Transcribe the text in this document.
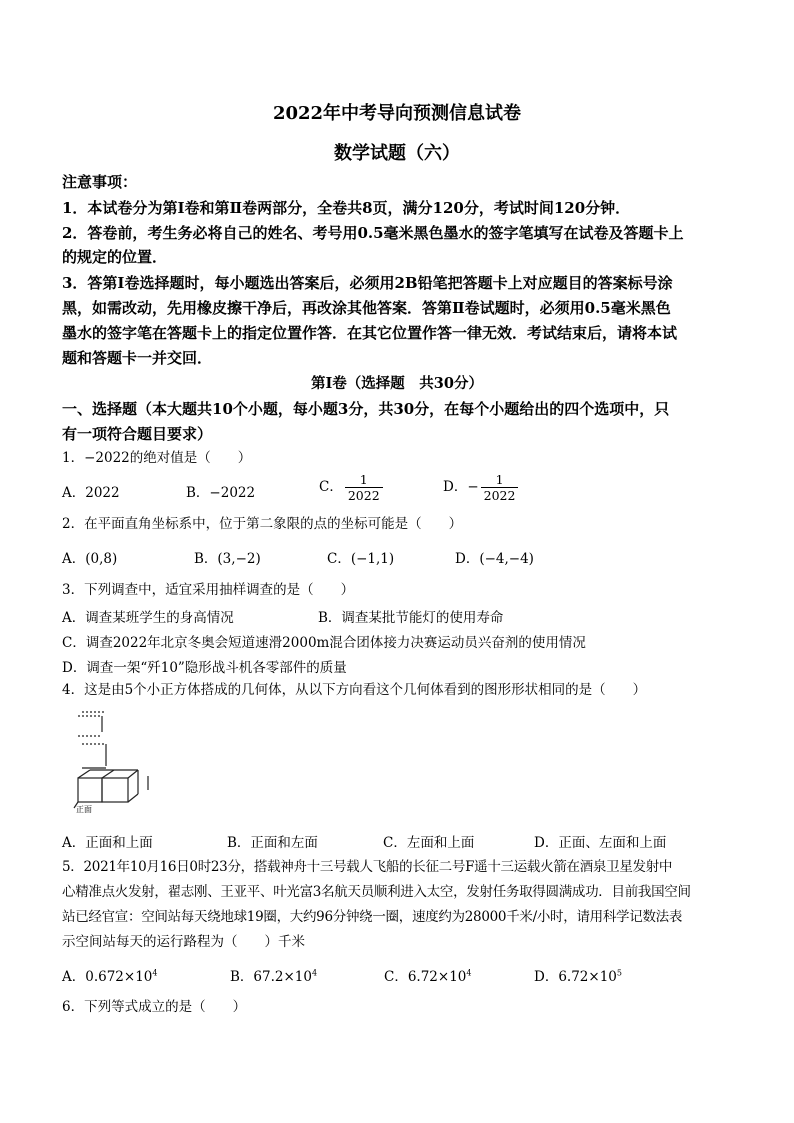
2022年中考导向预测信息试卷
数学试题（六）
注意事项：
1．本试卷分为第Ⅰ卷和第Ⅱ卷两部分，全卷共8页，满分120分，考试时间120分钟．
2．答卷前，考生务必将自己的姓名、考号用0.5毫米黑色墨水的签字笔填写在试卷及答题卡上
的规定的位置．
3．答第Ⅰ卷选择题时，每小题选出答案后，必须用2B铅笔把答题卡上对应题目的答案标号涂
黑，如需改动，先用橡皮擦干净后，再改涂其他答案．答第Ⅱ卷试题时，必须用0.5毫米黑色
墨水的签字笔在答题卡上的指定位置作答．在其它位置作答一律无效．考试结束后，请将本试
题和答题卡一并交回．
第Ⅰ卷（选择题　共30分）
一、选择题（本大题共10个小题，每小题3分，共30分，在每个小题给出的四个选项中，只
有一项符合题目要求）
1．−2022的绝对值是（　　）
A．2022	B．−2022	C． $\frac{1}{2022}$	D．− $\frac{1}{2022}$
2．在平面直角坐标系中，位于第二象限的点的坐标可能是（　　）
A．(0,8)	B．(3,−2)	C．(−1,1)	D．(−4,−4)
3．下列调查中，适宜采用抽样调查的是（　　）
A．调查某班学生的身高情况	B．调查某批节能灯的使用寿命
C．调查2022年北京冬奥会短道速滑2000m混合团体接力决赛运动员兴奋剂的使用情况
D．调查一架“歼10”隐形战斗机各零部件的质量
4．这是由5个小正方体搭成的几何体，从以下方向看这个几何体看到的图形形状相同的是（　　）
正面
A．正面和上面	B．正面和左面	C．左面和上面	D．正面、左面和上面
5．2021年10月16日0时23分，搭载神舟十三号载人飞船的长征二号F遥十三运载火箭在酒泉卫星发射中
心精准点火发射，翟志刚、王亚平、叶光富3名航天员顺利进入太空，发射任务取得圆满成功．目前我国空间
站已经官宣：空间站每天绕地球19圈，大约96分钟绕一圈，速度约为28000千米/小时，请用科学记数法表
示空间站每天的运行路程为（　　）千米
A．$0.672\times 10^4$	B．$67.2\times 10^4$	C．$6.72\times 10^4$	D．$6.72\times 10^5$
6．下列等式成立的是（　　）
